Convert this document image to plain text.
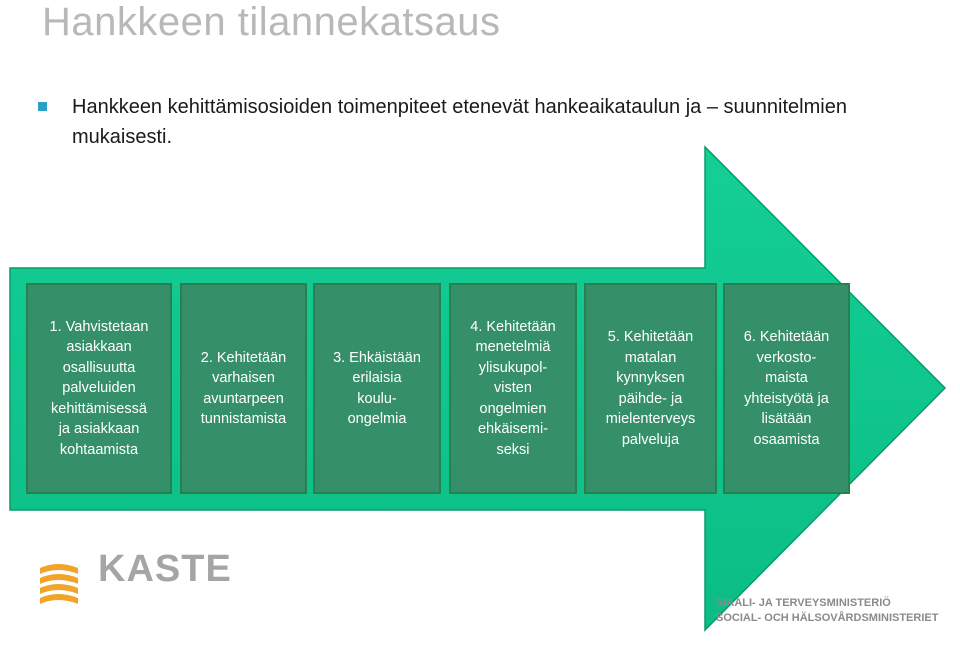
Hankkeen tilannekatsaus
Hankkeen kehittämisosioiden toimenpiteet etenevät hankeaikataulun ja – suunnitelmien mukaisesti.
1. Vahvistetaan
asiakkaan
osallisuutta
palveluiden
kehittämisessä
ja asiakkaan
kohtaamista
2. Kehitetään
varhaisen
avuntarpeen
tunnistamista
3. Ehkäistään
erilaisia
koulu-
ongelmia
4. Kehitetään
menetelmiä
ylisukupol-
visten
ongelmien
ehkäisemi-
seksi
5. Kehitetään
matalan
kynnyksen
päihde- ja
mielenterveys
palveluja
6. Kehitetään
verkosto-
maista
yhteistyötä ja
lisätään
osaamista
KASTE
SIAALI- JA TERVEYSMINISTERIÖ
SOCIAL- OCH HÄLSOVÅRDSMINISTERIET
